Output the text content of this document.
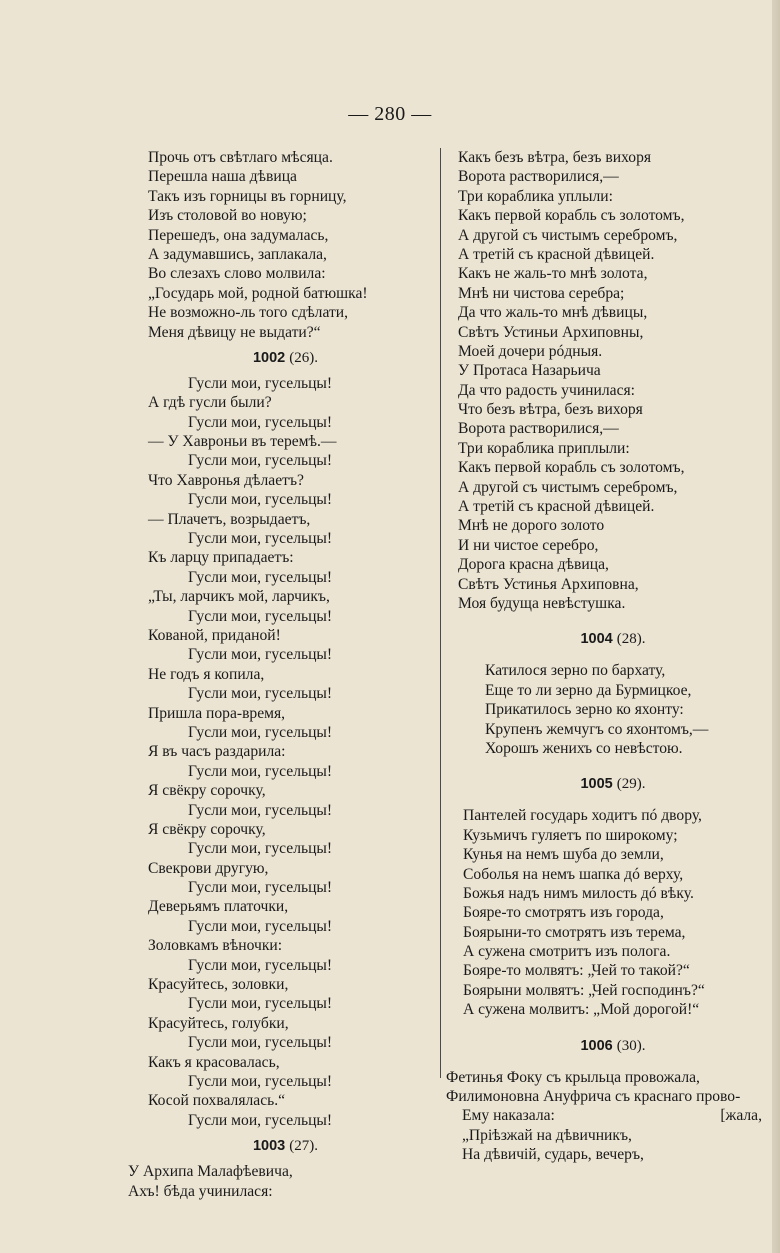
— 280 —
Прочь отъ свѣтлаго мѣсяца.
Перешла наша дѣвица
Такъ изъ горницы въ горницу,
Изъ столовой во новую;
Перешедъ, она задумалась,
А задумавшись, заплакала,
Во слезахъ слово молвила:
„Государь мой, родной батюшка!
Не возможно-ль того сдѣлати,
Меня дѣвицу не выдати?“
1002 (26).
Гусли мои, гусельцы!
А гдѣ гусли были?
Гусли мои, гусельцы!
— У Хавроньи въ теремѣ.—
Гусли мои, гусельцы!
Что Хавронья дѣлаетъ?
Гусли мои, гусельцы!
— Плачетъ, возрыдаетъ,
Гусли мои, гусельцы!
Къ ларцу припадаетъ:
Гусли мои, гусельцы!
„Ты, ларчикъ мой, ларчикъ,
Гусли мои, гусельцы!
Кованой, приданой!
Гусли мои, гусельцы!
Не годъ я копила,
Гусли мои, гусельцы!
Пришла пора-время,
Гусли мои, гусельцы!
Я въ часъ раздарила:
Гусли мои, гусельцы!
Я свёкру сорочку,
Гусли мои, гусельцы!
Я свёкру сорочку,
Гусли мои, гусельцы!
Свекрови другую,
Гусли мои, гусельцы!
Деверьямъ платочки,
Гусли мои, гусельцы!
Золовкамъ вѣночки:
Гусли мои, гусельцы!
Красуйтесь, золовки,
Гусли мои, гусельцы!
Красуйтесь, голубки,
Гусли мои, гусельцы!
Какъ я красовалась,
Гусли мои, гусельцы!
Косой похвалялась.“
Гусли мои, гусельцы!
1003 (27).
У Архипа Малафѣевича,
Ахъ! бѣда учинилася:
Какъ безъ вѣтра, безъ вихоря
Ворота растворилися,—
Три кораблика уплыли:
Какъ первой корабль съ золотомъ,
А другой съ чистымъ серебромъ,
А третій съ красной дѣвицей.
Какъ не жаль-то мнѣ золота,
Мнѣ ни чистова серебра;
Да что жаль-то мнѣ дѣвицы,
Свѣтъ Устиньи Архиповны,
Моей дочери рóдныя.
У Протаса Назарьича
Да что радость учинилася:
Что безъ вѣтра, безъ вихоря
Ворота растворилися,—
Три кораблика приплыли:
Какъ первой корабль съ золотомъ,
А другой съ чистымъ серебромъ,
А третій съ красной дѣвицей.
Мнѣ не дорого золото
И ни чистое серебро,
Дорога красна дѣвица,
Свѣтъ Устинья Архиповна,
Моя будуща невѣстушка.
1004 (28).
Катилося зерно по бархату,
Еще то ли зерно да Бурмицкое,
Прикатилось зерно ко яхонту:
Крупенъ жемчугъ со яхонтомъ,—
Хорошъ женихъ со невѣстою.
1005 (29).
Пантелей государь ходитъ пó двору,
Кузьмичъ гуляетъ по широкому;
Кунья на немъ шуба до земли,
Соболья на немъ шапка дó верху,
Божья надъ нимъ милость дó вѣку.
Бояре-то смотрятъ изъ города,
Боярыни-то смотрятъ изъ терема,
А сужена смотритъ изъ полога.
Бояре-то молвятъ: „Чей то такой?“
Боярыни молвятъ: „Чей господинъ?“
А сужена молвитъ: „Мой дорогой!“
1006 (30).
Фетинья Фоку съ крыльца провожала,
Филимоновна Ануфрича съ краснаго прово-
Ему наказала:	[жала,
„Пріѣзжай на дѣвичникъ,
На дѣвичій, сударь, вечеръ,
